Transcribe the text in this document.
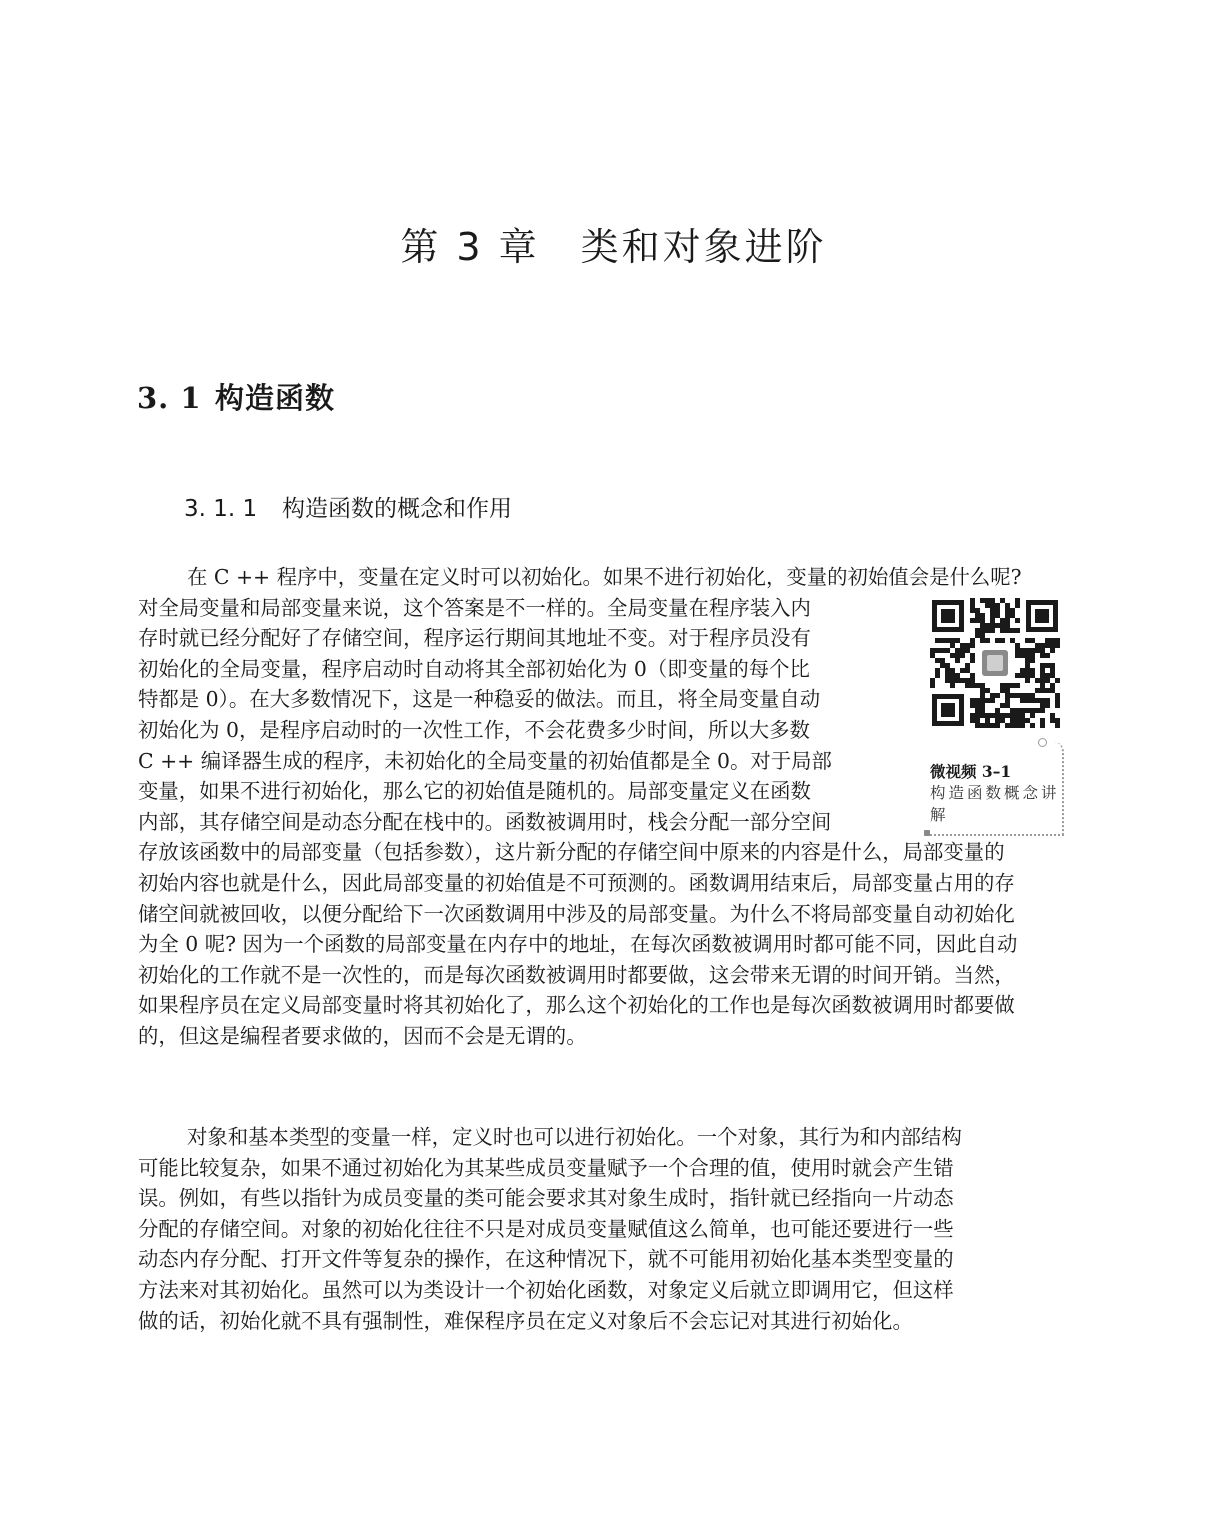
第 3 章　类和对象进阶
3. 1 构造函数
3. 1. 1 构造函数的概念和作用
在 C ++ 程序中，变量在定义时可以初始化。如果不进行初始化，变量的初始值会是什么呢?
对全局变量和局部变量来说，这个答案是不一样的。全局变量在程序装入内
存时就已经分配好了存储空间，程序运行期间其地址不变。对于程序员没有
初始化的全局变量，程序启动时自动将其全部初始化为 0（即变量的每个比
特都是 0）。在大多数情况下，这是一种稳妥的做法。而且，将全局变量自动
初始化为 0，是程序启动时的一次性工作，不会花费多少时间，所以大多数
C ++ 编译器生成的程序，未初始化的全局变量的初始值都是全 0。对于局部
变量，如果不进行初始化，那么它的初始值是随机的。局部变量定义在函数
内部，其存储空间是动态分配在栈中的。函数被调用时，栈会分配一部分空间
存放该函数中的局部变量（包括参数），这片新分配的存储空间中原来的内容是什么，局部变量的
初始内容也就是什么，因此局部变量的初始值是不可预测的。函数调用结束后，局部变量占用的存
储空间就被回收，以便分配给下一次函数调用中涉及的局部变量。为什么不将局部变量自动初始化
为全 0 呢? 因为一个函数的局部变量在内存中的地址，在每次函数被调用时都可能不同，因此自动
初始化的工作就不是一次性的，而是每次函数被调用时都要做，这会带来无谓的时间开销。当然，
如果程序员在定义局部变量时将其初始化了，那么这个初始化的工作也是每次函数被调用时都要做
的，但这是编程者要求做的，因而不会是无谓的。
对象和基本类型的变量一样，定义时也可以进行初始化。一个对象，其行为和内部结构
可能比较复杂，如果不通过初始化为其某些成员变量赋予一个合理的值，使用时就会产生错
误。例如，有些以指针为成员变量的类可能会要求其对象生成时，指针就已经指向一片动态
分配的存储空间。对象的初始化往往不只是对成员变量赋值这么简单，也可能还要进行一些
动态内存分配、打开文件等复杂的操作，在这种情况下，就不可能用初始化基本类型变量的
方法来对其初始化。虽然可以为类设计一个初始化函数，对象定义后就立即调用它，但这样
做的话，初始化就不具有强制性，难保程序员在定义对象后不会忘记对其进行初始化。
微视频 3–1
构造函数概念讲解
